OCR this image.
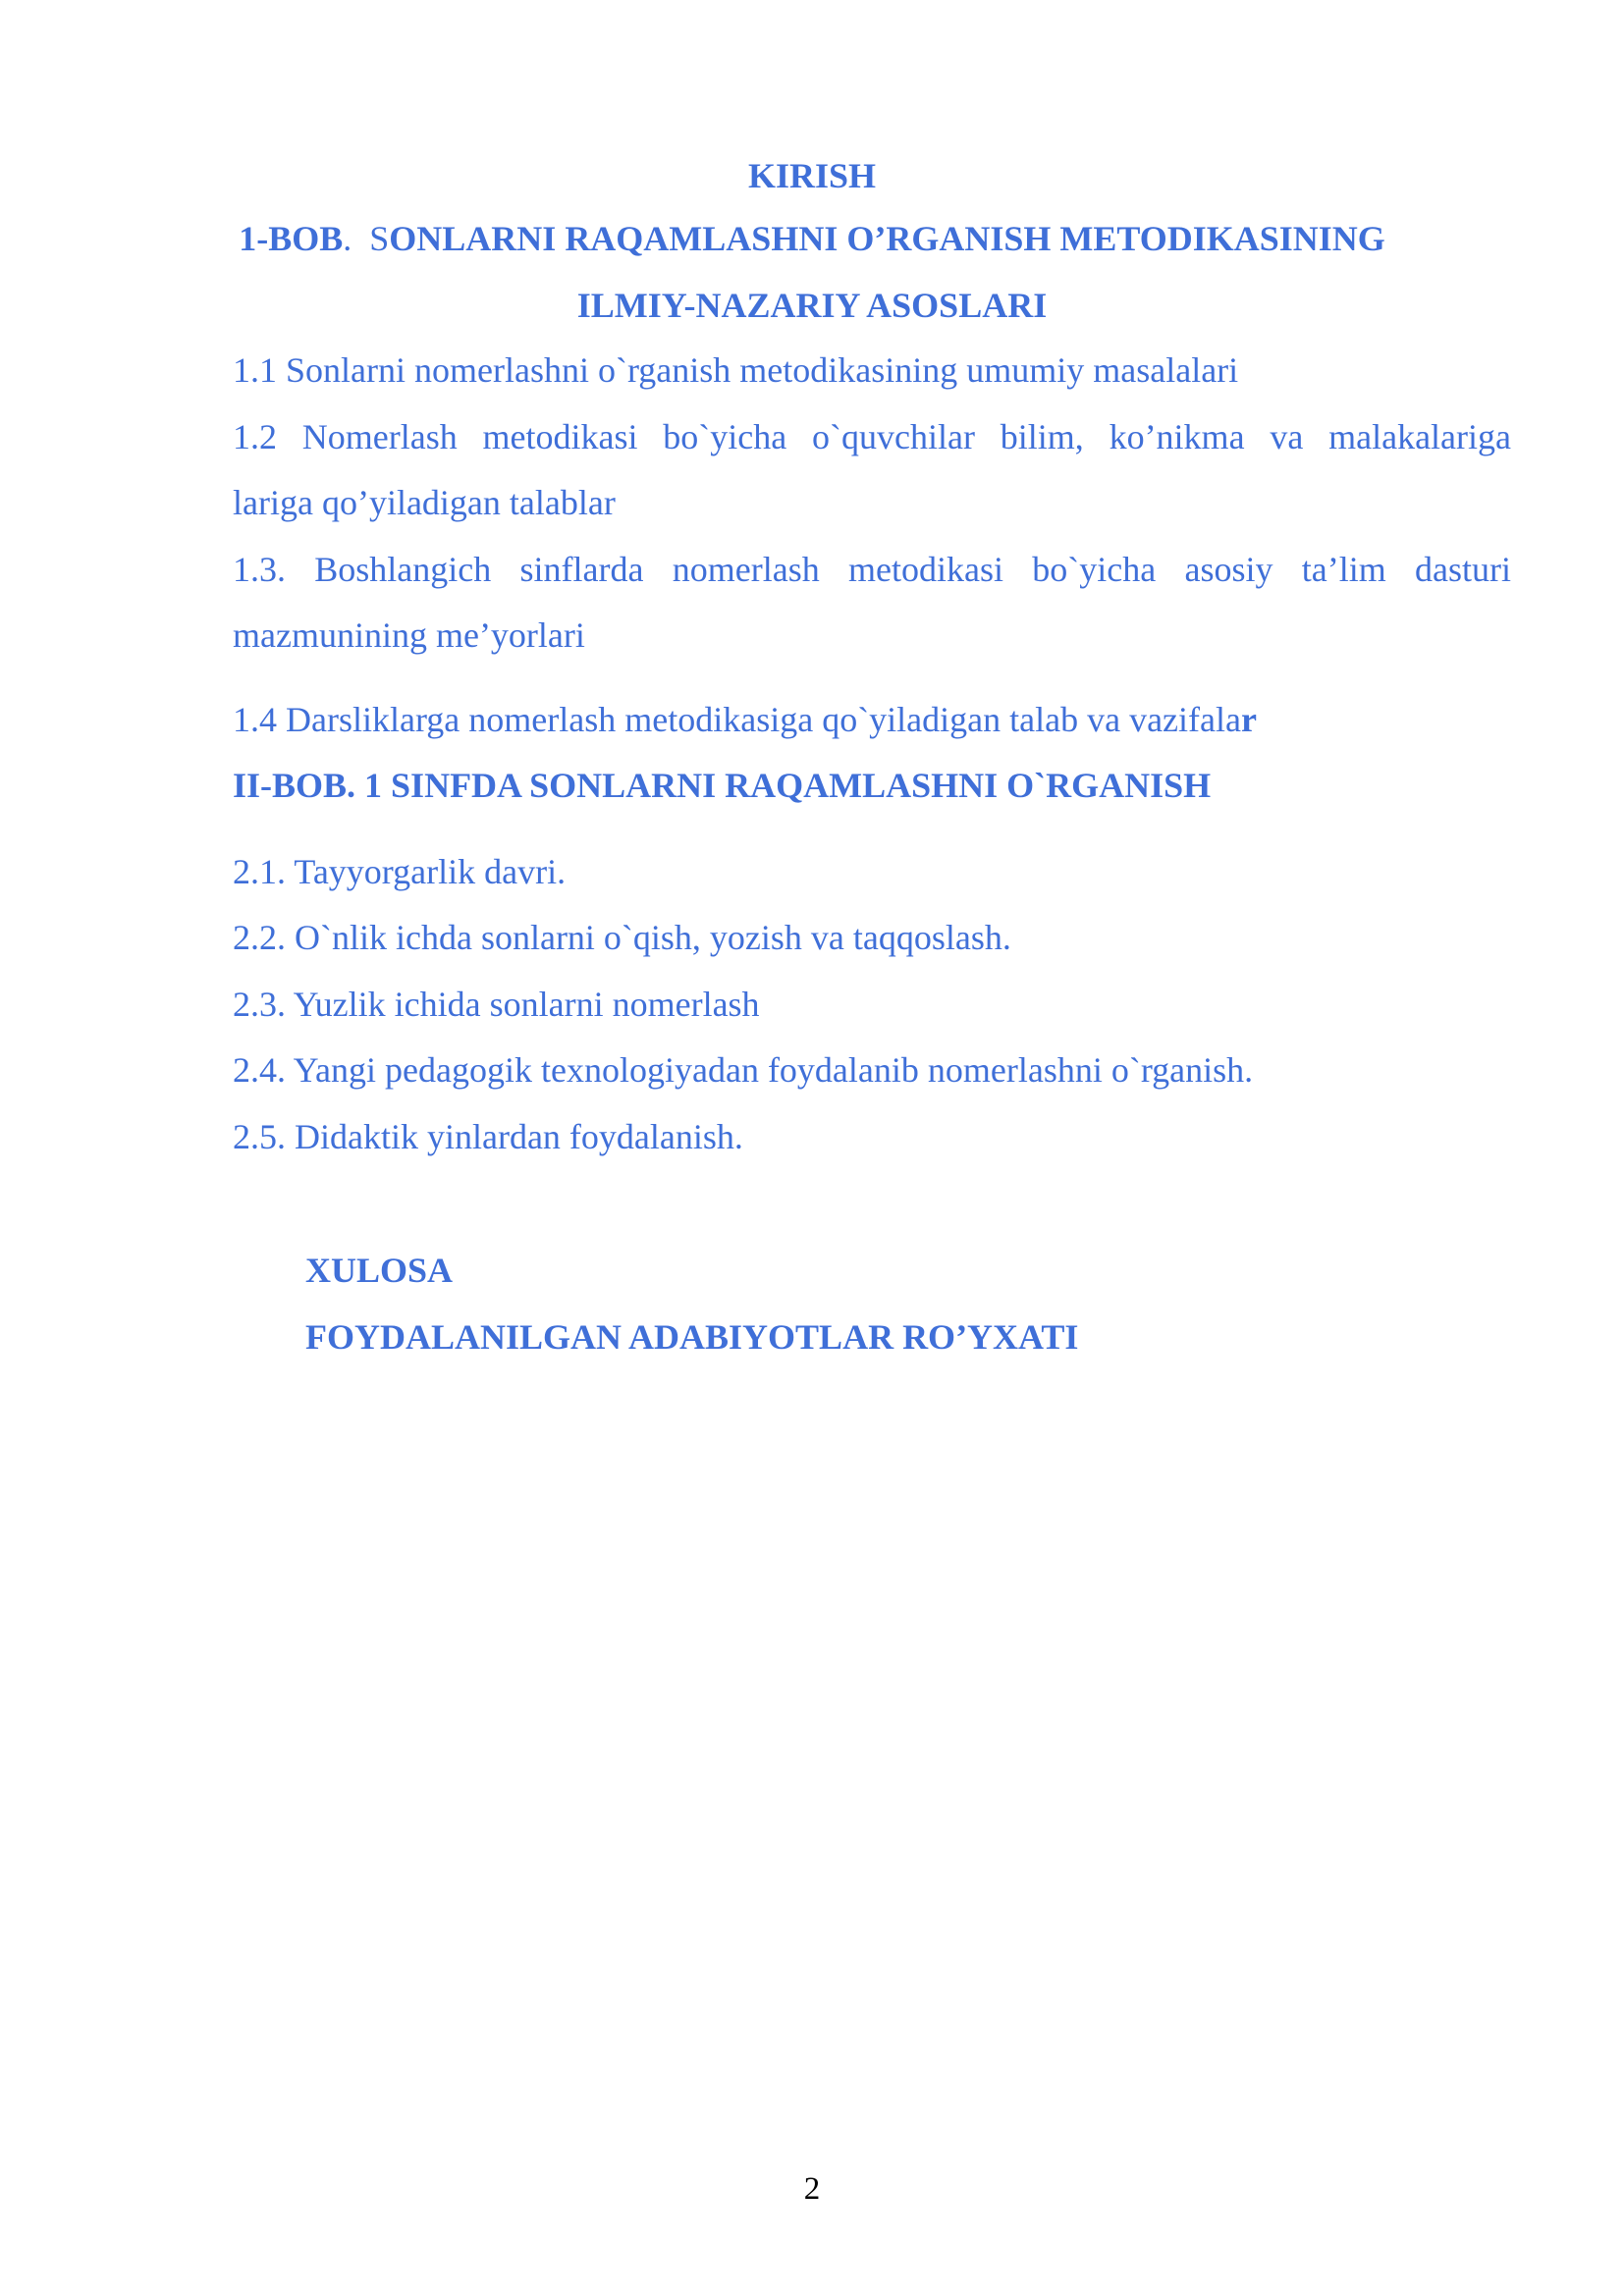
KIRISH
1-BOB. SONLARNI RAQAMLASHNI O’RGANISH METODIKASINING
ILMIY-NAZARIY ASOSLARI
1.1 Sonlarni nomerlashni o`rganish metodikasining umumiy masalalari
1.2 Nomerlash metodikasi bo`yicha o`quvchilar bilim, ko’nikma va malakalariga
lariga qo’yiladigan talablar
1.3. Boshlangich sinflarda nomerlash metodikasi bo`yicha asosiy ta’lim dasturi
mazmunining me’yorlari
1.4 Darsliklarga nomerlash metodikasiga qo`yiladigan talab va vazifalar
II-BOB. 1 SINFDA SONLARNI RAQAMLASHNI O`RGANISH
2.1. Tayyorgarlik davri.
2.2. O`nlik ichda sonlarni o`qish, yozish va taqqoslash.
2.3. Yuzlik ichida sonlarni nomerlash
2.4. Yangi pedagogik texnologiyadan foydalanib nomerlashni o`rganish.
2.5. Didaktik yinlardan foydalanish.
XULOSA
FOYDALANILGAN ADABIYOTLAR RO’YXATI
2
